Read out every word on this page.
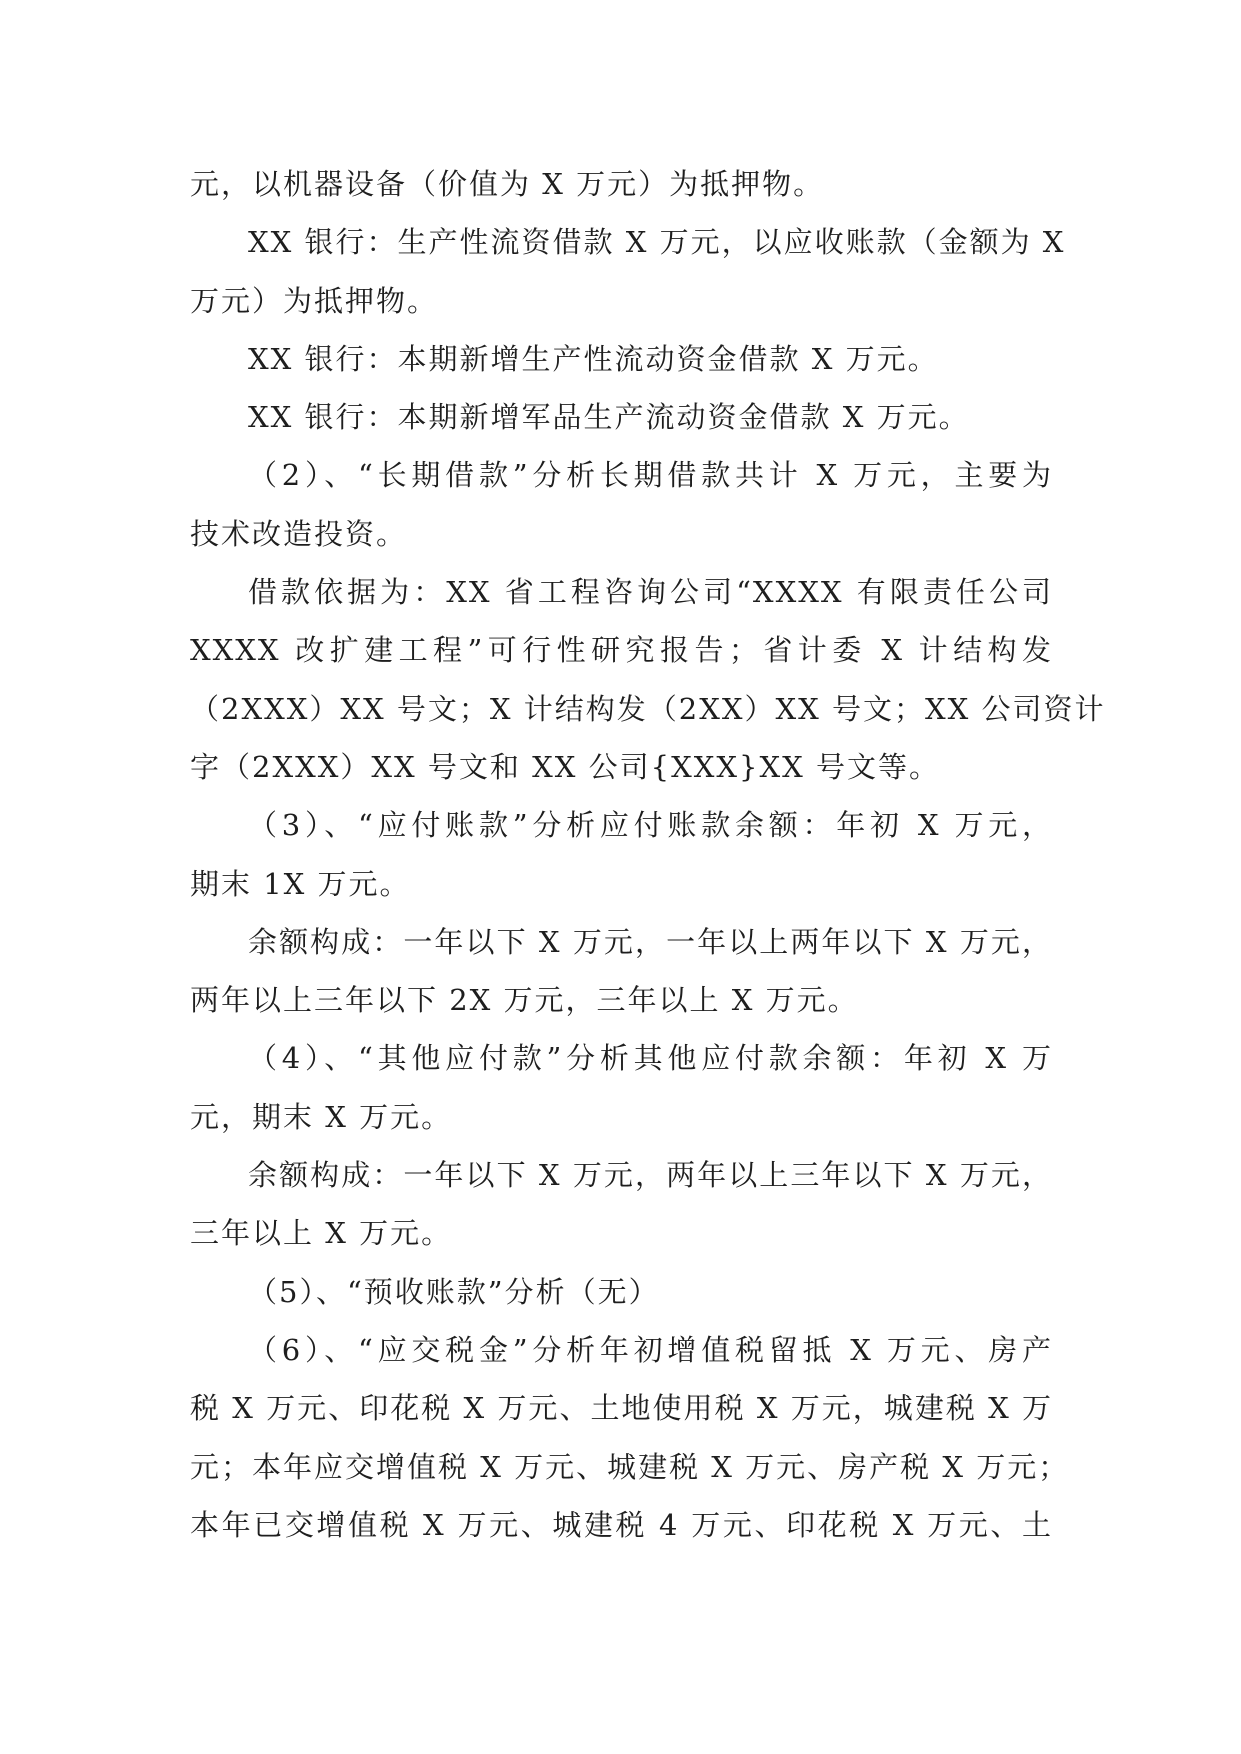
元，以机器设备（价值为 X 万元）为抵押物。
XX 银行：生产性流资借款 X 万元，以应收账款（金额为 X
万元）为抵押物。
XX 银行：本期新增生产性流动资金借款 X 万元。
XX 银行：本期新增军品生产流动资金借款 X 万元。
（2）、“长期借款”分析长期借款共计 X 万元，主要为
技术改造投资。
借款依据为：XX 省工程咨询公司“XXXX 有限责任公司
XXXX 改扩建工程”可行性研究报告；省计委 X 计结构发
（2XXX）XX 号文；X 计结构发（2XX）XX 号文；XX 公司资计
字（2XXX）XX 号文和 XX 公司{XXX}XX 号文等。
（3）、“应付账款”分析应付账款余额：年初 X 万元，
期末 1X 万元。
余额构成：一年以下 X 万元，一年以上两年以下 X 万元，
两年以上三年以下 2X 万元，三年以上 X 万元。
（4）、“其他应付款”分析其他应付款余额：年初 X 万
元，期末 X 万元。
余额构成：一年以下 X 万元，两年以上三年以下 X 万元，
三年以上 X 万元。
（5）、“预收账款”分析（无）
（6）、“应交税金”分析年初增值税留抵 X 万元、房产
税 X 万元、印花税 X 万元、土地使用税 X 万元，城建税 X 万
元；本年应交增值税 X 万元、城建税 X 万元、房产税 X 万元；
本年已交增值税 X 万元、城建税 4 万元、印花税 X 万元、土
